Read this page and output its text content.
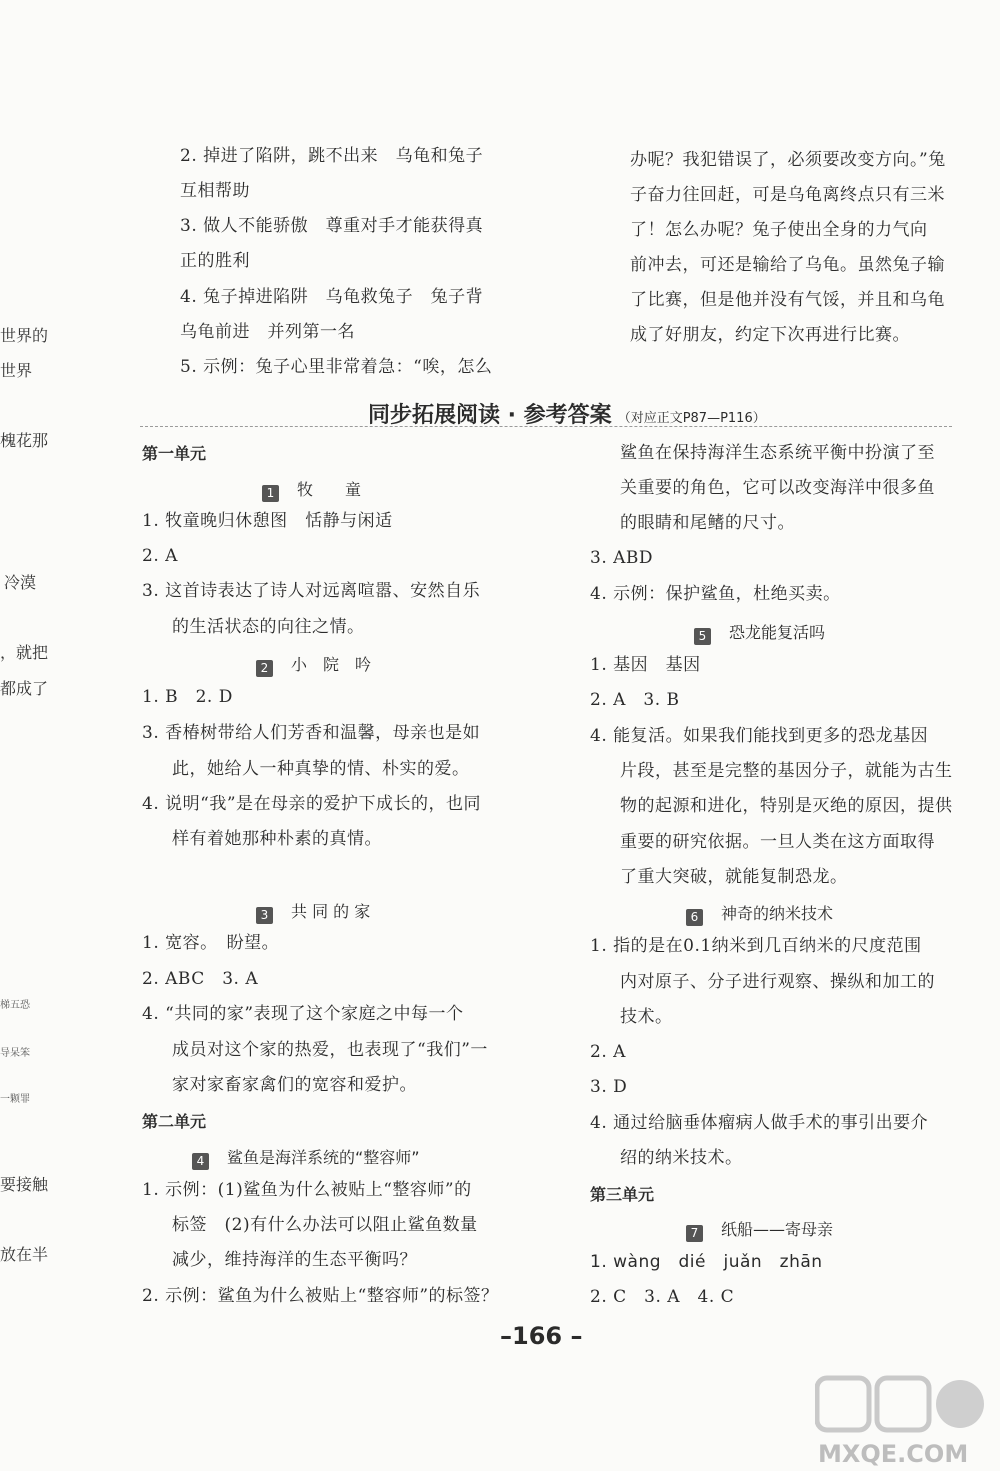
2. 掉进了陷阱，跳不出来　乌龟和兔子
互相帮助
3. 做人不能骄傲　尊重对手才能获得真
正的胜利
4. 兔子掉进陷阱　乌龟救兔子　兔子背
乌龟前进　并列第一名
5. 示例：兔子心里非常着急：“唉，怎么
办呢？我犯错误了，必须要改变方向。”兔
子奋力往回赶，可是乌龟离终点只有三米
了！怎么办呢？兔子使出全身的力气向
前冲去，可还是输给了乌龟。虽然兔子输
了比赛，但是他并没有气馁，并且和乌龟
成了好朋友，约定下次再进行比赛。
同步拓展阅读 · 参考答案 （对应正文P87—P116）
世界的
世界
槐花那
冷漠
，就把
都成了
梯五恐
导呆笨
一颗罪
要接触
放在半
第一单元
1 牧　　童
1. 牧童晚归休憩图　恬静与闲适
2. A
3. 这首诗表达了诗人对远离喧嚣、安然自乐
的生活状态的向往之情。
2 小　院　吟
1. B　2. D
3. 香椿树带给人们芳香和温馨，母亲也是如
此，她给人一种真挚的情、朴实的爱。
4. 说明“我”是在母亲的爱护下成长的，也同
样有着她那种朴素的真情。
3 共 同 的 家
1. 宽容。　盼望。
2. ABC　3. A
4. “共同的家”表现了这个家庭之中每一个
成员对这个家的热爱，也表现了“我们”一
家对家畜家禽们的宽容和爱护。
第二单元
4 鲨鱼是海洋系统的“整容师”
1. 示例：(1)鲨鱼为什么被贴上“整容师”的
标签　(2)有什么办法可以阻止鲨鱼数量
减少，维持海洋的生态平衡吗？
2. 示例：鲨鱼为什么被贴上“整容师”的标签？
鲨鱼在保持海洋生态系统平衡中扮演了至
关重要的角色，它可以改变海洋中很多鱼
的眼睛和尾鳍的尺寸。
3. ABD
4. 示例：保护鲨鱼，杜绝买卖。
5 恐龙能复活吗
1. 基因　基因
2. A　3. B
4. 能复活。如果我们能找到更多的恐龙基因
片段，甚至是完整的基因分子，就能为古生
物的起源和进化，特别是灭绝的原因，提供
重要的研究依据。一旦人类在这方面取得
了重大突破，就能复制恐龙。
6 神奇的纳米技术
1. 指的是在0.1纳米到几百纳米的尺度范围
内对原子、分子进行观察、操纵和加工的
技术。
2. A
3. D
4. 通过给脑垂体瘤病人做手术的事引出要介
绍的纳米技术。
第三单元
7 纸船——寄母亲
1. wàng　dié　juǎn　zhān
2. C　3. A　4. C
–166 –
MXQE.COM
